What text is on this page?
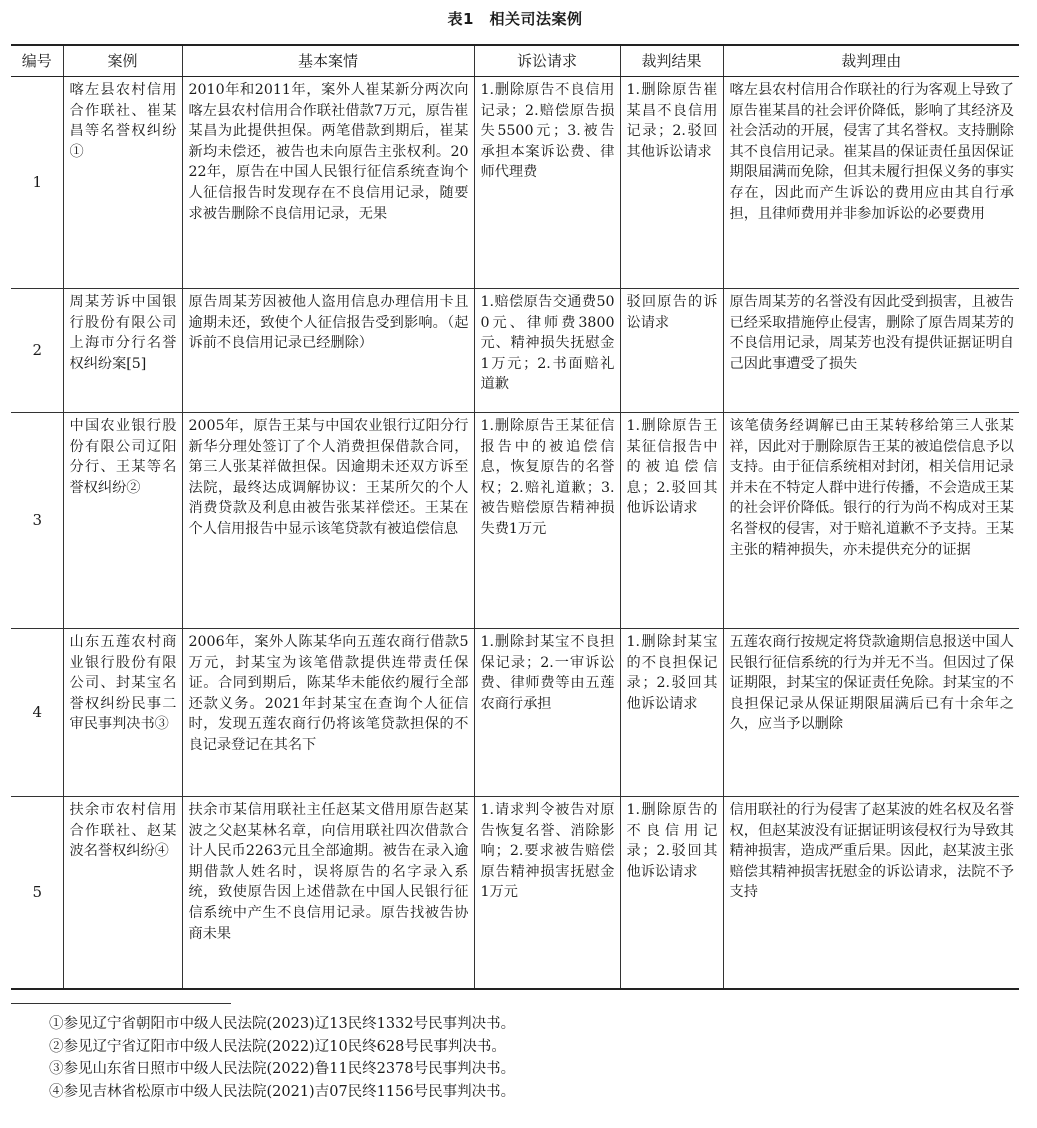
表1　相关司法案例
编号	案例	基本案情	诉讼请求	裁判结果	裁判理由
1	喀左县农村信用合作联社、崔某昌等名誉权纠纷①	2010年和2011年，案外人崔某新分两次向喀左县农村信用合作联社借款7万元，原告崔某昌为此提供担保。两笔借款到期后，崔某新均未偿还，被告也未向原告主张权利。2022年，原告在中国人民银行征信系统查询个人征信报告时发现存在不良信用记录，随要求被告删除不良信用记录，无果	1.删除原告不良信用记录；2.赔偿原告损失5500元；3.被告承担本案诉讼费、律师代理费	1.删除原告崔某昌不良信用记录；2.驳回其他诉讼请求	喀左县农村信用合作联社的行为客观上导致了原告崔某昌的社会评价降低，影响了其经济及社会活动的开展，侵害了其名誉权。支持删除其不良信用记录。崔某昌的保证责任虽因保证期限届满而免除，但其未履行担保义务的事实存在，因此而产生诉讼的费用应由其自行承担，且律师费用并非参加诉讼的必要费用
2	周某芳诉中国银行股份有限公司上海市分行名誉权纠纷案[5]	原告周某芳因被他人盗用信息办理信用卡且逾期未还，致使个人征信报告受到影响。（起诉前不良信用记录已经删除）	1.赔偿原告交通费500元、律师费3800元、精神损失抚慰金1万元；2.书面赔礼道歉	驳回原告的诉讼请求	原告周某芳的名誉没有因此受到损害，且被告已经采取措施停止侵害，删除了原告周某芳的不良信用记录，周某芳也没有提供证据证明自己因此事遭受了损失
3	中国农业银行股份有限公司辽阳分行、王某等名誉权纠纷②	2005年，原告王某与中国农业银行辽阳分行新华分理处签订了个人消费担保借款合同，第三人张某祥做担保。因逾期未还双方诉至法院，最终达成调解协议：王某所欠的个人消费贷款及利息由被告张某祥偿还。王某在个人信用报告中显示该笔贷款有被追偿信息	1.删除原告王某征信报告中的被追偿信息，恢复原告的名誉权；2.赔礼道歉；3.被告赔偿原告精神损失费1万元	1.删除原告王某征信报告中的被追偿信息；2.驳回其他诉讼请求	该笔债务经调解已由王某转移给第三人张某祥，因此对于删除原告王某的被追偿信息予以支持。由于征信系统相对封闭，相关信用记录并未在不特定人群中进行传播，不会造成王某的社会评价降低。银行的行为尚不构成对王某名誉权的侵害，对于赔礼道歉不予支持。王某主张的精神损失，亦未提供充分的证据
4	山东五莲农村商业银行股份有限公司、封某宝名誉权纠纷民事二审民事判决书③	2006年，案外人陈某华向五莲农商行借款5万元，封某宝为该笔借款提供连带责任保证。合同到期后，陈某华未能依约履行全部还款义务。2021年封某宝在查询个人征信时，发现五莲农商行仍将该笔贷款担保的不良记录登记在其名下	1.删除封某宝不良担保记录；2.一审诉讼费、律师费等由五莲农商行承担	1.删除封某宝的不良担保记录；2.驳回其他诉讼请求	五莲农商行按规定将贷款逾期信息报送中国人民银行征信系统的行为并无不当。但因过了保证期限，封某宝的保证责任免除。封某宝的不良担保记录从保证期限届满后已有十余年之久，应当予以删除
5	扶余市农村信用合作联社、赵某波名誉权纠纷④	扶余市某信用联社主任赵某文借用原告赵某波之父赵某林名章，向信用联社四次借款合计人民币2263元且全部逾期。被告在录入逾期借款人姓名时，误将原告的名字录入系统，致使原告因上述借款在中国人民银行征信系统中产生不良信用记录。原告找被告协商未果	1.请求判令被告对原告恢复名誉、消除影响；2.要求被告赔偿原告精神损害抚慰金1万元	1.删除原告的不良信用记录；2.驳回其他诉讼请求	信用联社的行为侵害了赵某波的姓名权及名誉权，但赵某波没有证据证明该侵权行为导致其精神损害，造成严重后果。因此，赵某波主张赔偿其精神损害抚慰金的诉讼请求，法院不予支持
①参见辽宁省朝阳市中级人民法院(2023)辽13民终1332号民事判决书。
②参见辽宁省辽阳市中级人民法院(2022)辽10民终628号民事判决书。
③参见山东省日照市中级人民法院(2022)鲁11民终2378号民事判决书。
④参见吉林省松原市中级人民法院(2021)吉07民终1156号民事判决书。
